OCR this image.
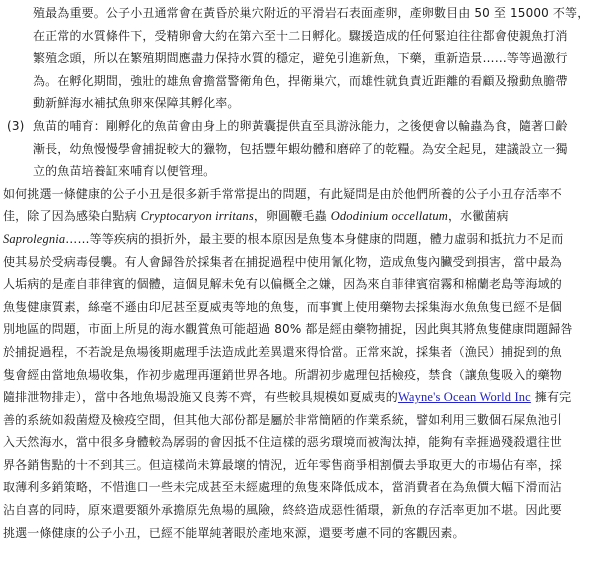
殖最為重要。公子小丑通常會在黃昏於巢穴附近的平滑岩石表面產卵，產卵數目由 50 至 15000 不等，
在正常的水質條件下，受精卵會大約在第六至十二日孵化。驟援造成的任何緊迫往往都會使親魚打消
繁殖念頭，所以在繁殖期間應盡力保持水質的穩定，避免引進新魚，下藥，重新造景……等等過激行
為。在孵化期間，強壯的雄魚會擔當警衛角色，捍衛巢穴，而雄性就負責近距離的看顧及撥動魚膽帶
動新鮮海水補拭魚卵來保障其孵化率。
(3) 魚苗的哺育：剛孵化的魚苗會由身上的卵黃囊提供直至具游泳能力，之後便會以輪蟲為食，隨著口齡
漸長，幼魚慢慢學會捕捉較大的獵物，包括豐年蝦幼體和磨碎了的乾糧。為安全起見，建議設立一獨
立的魚苗培養缸來哺育以便管理。
如何挑選一條健康的公子小丑是很多新手常常提出的問題，有此疑問是由於他們所養的公子小丑存活率不
佳，除了因為感染白點病 Cryptocaryon irritans，卵圓鞭毛蟲 Ododinium occellatum，水黴菌病
Saprolegnia……等等疾病的損折外，最主要的根本原因是魚隻本身健康的問題，體力虛弱和抵抗力不足而
使其易於受病毒侵襲。有人會歸咎於採集者在捕捉過程中使用氰化物，造成魚隻內臟受到損害，當中最為
人垢病的是產自菲律賓的個體，這個見解未免有以偏概全之嫌，因為來自菲律賓宿霧和棉蘭老島等海域的
魚隻健康質素，絲毫不遜由印尼甚至夏威夷等地的魚隻，而事實上使用藥物去採集海水魚魚隻已經不是個
別地區的問題，市面上所見的海水觀賞魚可能超過 80% 都是經由藥物捕捉，因此與其將魚隻健康問題歸咎
於捕捉過程，不若說是魚場後期處理手法造成此差異還來得恰當。正常來說，採集者（漁民）捕捉到的魚
隻會經由當地魚場收集，作初步處理再運銷世界各地。所謂初步處理包括檢疫，禁食（讓魚隻吸入的藥物
隨排泄物排走），當中各地魚場設施又良莠不齊，有些較具規模如夏威夷的Wayne's Ocean World Inc 擁有完
善的系統如殺菌燈及檢疫空間，但其他大部份都是屬於非常簡陋的作業系統，譬如利用三數個石屎魚池引
入天然海水，當中很多身體較為孱弱的會因抵不住這樣的惡劣環境而被淘汰掉，能夠有幸捱過殘殺還往世
界各銷售點的十不到其三。但這樣尚未算最壞的情況，近年零售商爭相割價去爭取更大的市場佔有率，採
取薄利多銷策略，不惜進口一些未完成甚至未經處理的魚隻來降低成本，當消費者在為魚價大幅下滑而沾
沾自喜的同時，原來還要額外承擔原先魚場的風險，終終造成惡性循環，新魚的存活率更加不堪。因此要
挑選一條健康的公子小丑，已經不能單純著眼於產地來源，還要考慮不同的客觀因素。
